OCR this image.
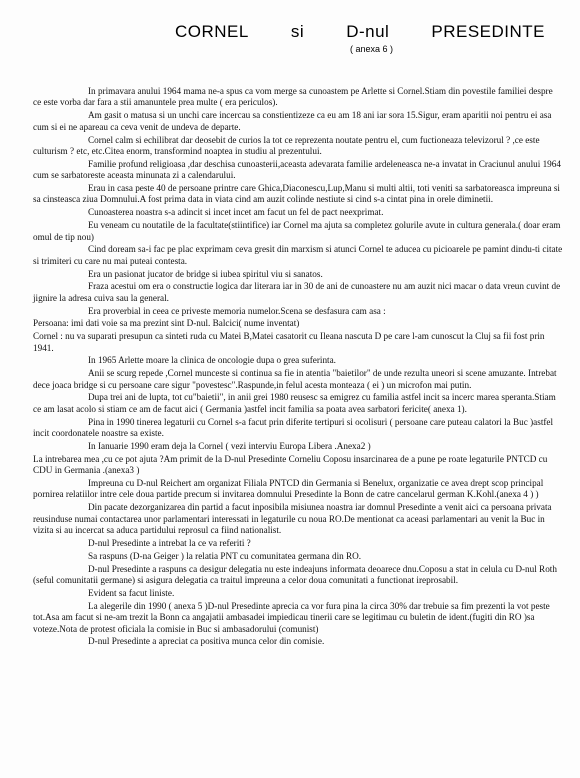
CORNEL si D-nul PRESEDINTE
( anexa 6 )

In primavara anului 1964 mama ne-a spus ca vom merge sa cunoastem pe Arlette si Cornel.Stiam din povestile familiei despre ce este vorba dar fara a stii amanuntele prea multe ( era periculos).

Am gasit o matusa si un unchi care incercau sa constientizeze ca eu am 18 ani iar sora 15.Sigur, eram aparitii noi pentru ei asa cum si ei ne apareau ca ceva venit de undeva de departe.

Cornel calm si echilibrat dar deosebit de curios la tot ce reprezenta noutate pentru el, cum fuctioneaza televizorul ? ,ce este culturism ? etc, etc.Citea enorm, transformind noaptea in studiu al prezentului.

Familie profund religioasa ,dar deschisa cunoasterii,aceasta adevarata familie ardeleneasca ne-a invatat in Craciunul anului 1964 cum se sarbatoreste aceasta minunata zi a calendarului.

Erau in casa peste 40 de persoane printre care Ghica,Diaconescu,Lup,Manu si multi altii, toti veniti sa sarbatoreasca impreuna si sa cinsteasca ziua Domnului.A fost prima data in viata cind am auzit colinde nestiute si cind s-a cintat pina in orele diminetii.

Cunoasterea noastra s-a adincit si incet incet am facut un fel de pact neexprimat.

Eu veneam cu noutatile de la facultate(stiintifice) iar Cornel ma ajuta sa completez golurile avute in cultura generala.( doar eram omul de tip nou)

Cind doream sa-i fac pe plac exprimam ceva gresit din marxism si atunci Cornel te aducea cu picioarele pe pamint dindu-ti citate si trimiteri cu care nu mai puteai contesta.

Era un pasionat jucator de bridge si iubea spiritul viu si sanatos.

Fraza acestui om era o constructie logica dar literara iar in 30 de ani de cunoastere nu am auzit nici macar o data vreun cuvint de jignire la adresa cuiva sau la general.

Era proverbial in ceea ce priveste memoria numelor.Scena se desfasura cam asa :

Persoana: imi dati voie sa ma prezint sint D-nul. Balcici( nume inventat)

Cornel : nu va suparati presupun ca sinteti ruda cu Matei B,Matei casatorit cu Ileana nascuta D pe care l-am cunoscut la Cluj sa fii fost prin 1941.

In 1965 Arlette moare la clinica de oncologie dupa o grea suferinta.

Anii se scurg repede ,Cornel munceste si continua sa fie in atentia "baietilor" de unde rezulta uneori si scene amuzante. Intrebat dece joaca bridge si cu persoane care sigur "povestesc".Raspunde,in felul acesta monteaza ( ei ) un microfon mai putin.

Dupa trei ani de lupta, tot cu"baietii", in anii grei 1980 reusesc sa emigrez cu familia astfel incit sa incerc marea speranta.Stiam ce am lasat acolo si stiam ce am de facut aici ( Germania )astfel incit familia sa poata avea sarbatori fericite( anexa 1).

Pina in 1990 tinerea legaturii cu Cornel s-a facut prin diferite tertipuri si ocolisuri ( persoane care puteau calatori la Buc )astfel incit coordonatele noastre sa existe.

In Ianuarie 1990 eram deja la Cornel ( vezi interviu Europa Libera .Anexa2 )

La intrebarea mea ,cu ce pot ajuta ?Am primit de la D-nul Presedinte Corneliu Coposu insarcinarea de a pune pe roate legaturile PNTCD cu CDU in Germania .(anexa3 )

Impreuna cu D-nul Reichert am organizat Filiala PNTCD din Germania si Benelux, organizatie ce avea drept scop principal pornirea relatiilor intre cele doua partide precum si invitarea domnului Presedinte la Bonn de catre cancelarul german K.Kohl.(anexa 4 ) )

Din pacate dezorganizarea din partid a facut inposibila misiunea noastra iar domnul Presedinte a venit aici ca persoana privata reusinduse numai contactarea unor parlamentari interessati in legaturile cu noua RO.De mentionat ca aceasi parlamentari au venit la Buc in vizita si au incercat sa aduca partidului reprosul ca fiind nationalist.

D-nul Presedinte a intrebat la ce va referiti ?

Sa raspuns (D-na Geiger ) la relatia PNT cu comunitatea germana din RO.

D-nul Presedinte a raspuns ca desigur delegatia nu este indeajuns informata deoarece dnu.Coposu a stat in celula cu D-nul Roth (seful comunitatii germane) si asigura delegatia ca traitul impreuna a celor doua comunitati a functionat ireprosabil.

Evident sa facut liniste.

La alegerile din 1990 ( anexa 5 )D-nul Presedinte aprecia ca vor fura pina la circa 30% dar trebuie sa fim prezenti la vot peste tot.Asa am facut si ne-am trezit la Bonn ca angajatii ambasadei impiedicau tinerii care se legitimau cu buletin de ident.(fugiti din RO )sa voteze.Nota de protest oficiala la comisie in Buc si ambasadorului (comunist)

D-nul Presedinte a apreciat ca positiva munca celor din comisie.
